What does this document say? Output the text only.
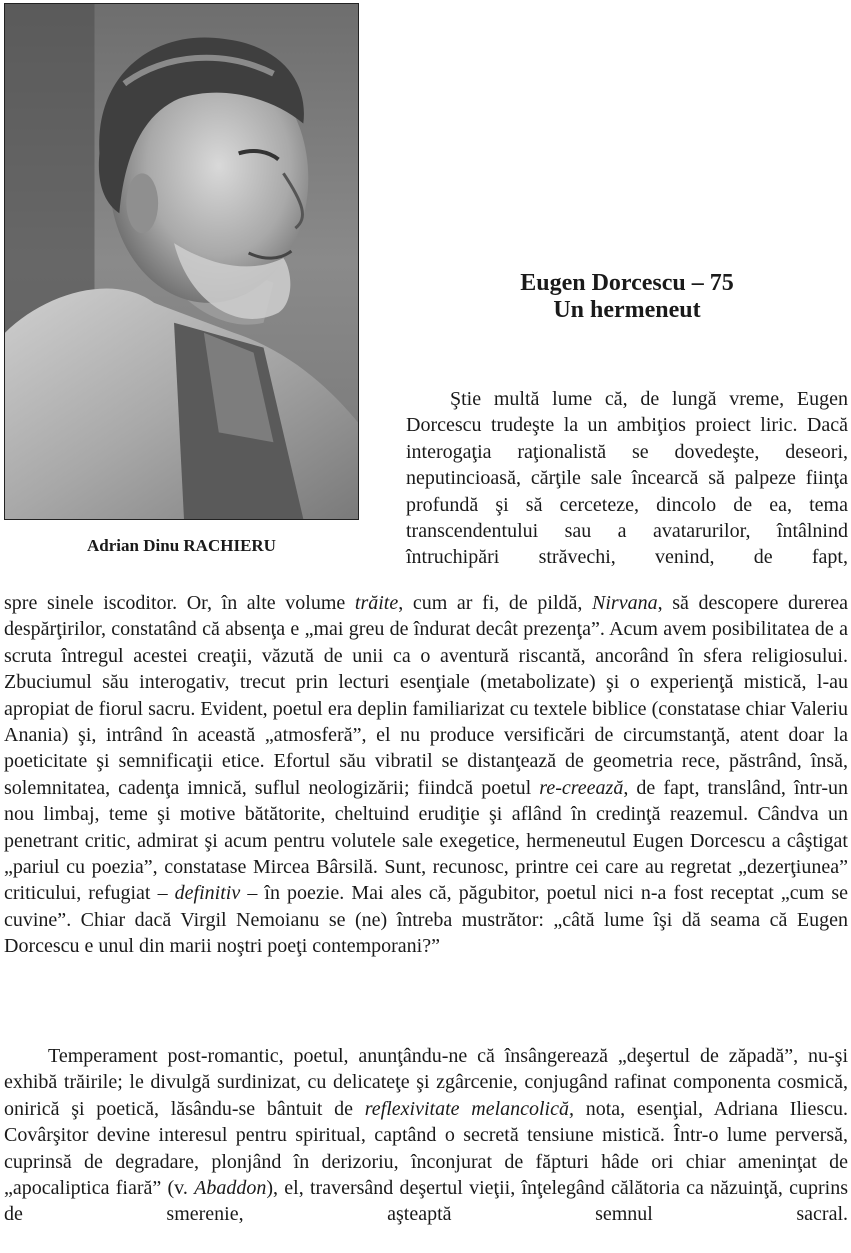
Adrian Dinu RACHIERU
Eugen Dorcescu – 75
Un hermeneut

Ştie multă lume că, de lungă vreme, Eugen Dorcescu trudeşte la un ambiţios proiect liric. Dacă interogaţia raţionalistă se dovedeşte, deseori, neputincioasă, cărţile sale încearcă să palpeze fiinţa profundă şi să cerceteze, dincolo de ea, tema transcendentului sau a avatarurilor, întâlnind întruchipări străvechi, venind, de fapt,

spre sinele iscoditor. Or, în alte volume trăite, cum ar fi, de pildă, Nirvana, să descopere durerea despărţirilor, constatând că absenţa e „mai greu de îndurat decât prezenţa”. Acum avem posibilitatea de a scruta întregul acestei creaţii, văzută de unii ca o aventură riscantă, ancorând în sfera religiosului. Zbuciumul său interogativ, trecut prin lecturi esenţiale (metabolizate) şi o experienţă mistică, l-au apropiat de fiorul sacru. Evident, poetul era deplin familiarizat cu textele biblice (constatase chiar Valeriu Anania) şi, intrând în această „atmosferă”, el nu produce versificări de circumstanţă, atent doar la poeticitate şi semnificaţii etice. Efortul său vibratil se distanţează de geometria rece, păstrând, însă, solemnitatea, cadenţa imnică, suflul neologizării; fiindcă poetul re-creează, de fapt, translând, într-un nou limbaj, teme şi motive bătătorite, cheltuind erudiţie şi aflând în credinţă reazemul. Cândva un penetrant critic, admirat şi acum pentru volutele sale exegetice, hermeneutul Eugen Dorcescu a câştigat „pariul cu poezia”, constatase Mircea Bârsilă. Sunt, recunosc, printre cei care au regretat „dezerţiunea” criticului, refugiat – definitiv – în poezie. Mai ales că, păgubitor, poetul nici n-a fost receptat „cum se cuvine”. Chiar dacă Virgil Nemoianu se (ne) întreba mustrător: „câtă lume îşi dă seama că Eugen Dorcescu e unul din marii noştri poeţi contemporani?”

Temperament post-romantic, poetul, anunţându-ne că însângerează „deşertul de zăpadă”, nu-şi exhibă trăirile; le divulgă surdinizat, cu delicateţe şi zgârcenie, conjugând rafinat componenta cosmică, onirică şi poetică, lăsându-se bântuit de reflexivitate melancolică, nota, esenţial, Adriana Iliescu. Covârşitor devine interesul pentru spiritual, captând o secretă tensiune mistică. Într-o lume perversă, cuprinsă de degradare, plonjând în derizoriu, înconjurat de făpturi hâde ori chiar ameninţat de „apocaliptica fiară” (v. Abaddon), el, traversând deşertul vieţii, înţelegând călătoria ca năzuinţă, cuprins de smerenie, aşteaptă semnul sacral.
